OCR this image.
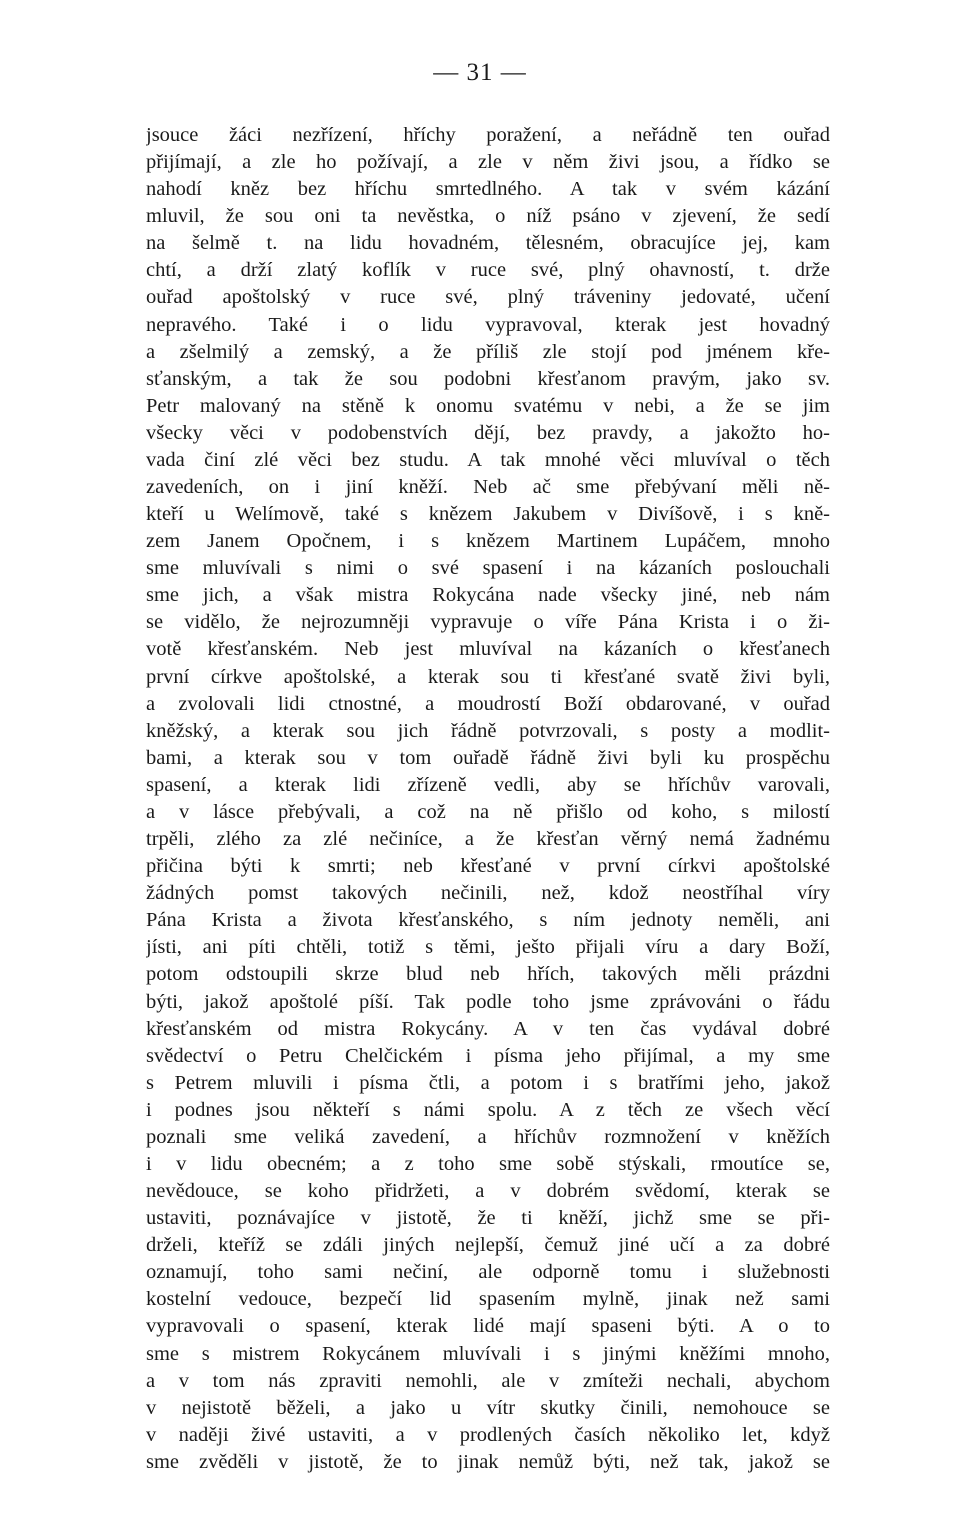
— 31 —
jsouce žáci nezřízení, hříchy poražení, a neřádně ten ouřad
přijímají, a zle ho požívají, a zle v něm živi jsou, a řídko se
nahodí kněz bez hříchu smrtedlného. A tak v svém kázání
mluvil, že sou oni ta nevěstka, o níž psáno v zjevení, že sedí
na šelmě t. na lidu hovadném, tělesném, obracujíce jej, kam
chtí, a drží zlatý koflík v ruce své, plný ohavností, t. drže
ouřad apoštolský v ruce své, plný tráveniny jedovaté, učení
nepravého. Také i o lidu vypravoval, kterak jest hovadný
a zšelmilý a zemský, a že příliš zle stojí pod jménem kře-
sťanským, a tak že sou podobni křesťanom pravým, jako sv.
Petr malovaný na stěně k onomu svatému v nebi, a že se jim
všecky věci v podobenstvích dějí, bez pravdy, a jakožto ho-
vada činí zlé věci bez studu. A tak mnohé věci mluvíval o těch
zavedeních, on i jiní kněží. Neb ač sme přebývaní měli ně-
kteří u Welímově, také s knězem Jakubem v Divíšově, i s kně-
zem Janem Opočnem, i s knězem Martinem Lupáčem, mnoho
sme mluvívali s nimi o své spasení i na kázaních poslouchali
sme jich, a však mistra Rokycána nade všecky jiné, neb nám
se vidělo, že nejrozumněji vypravuje o víře Pána Krista i o ži-
votě křesťanském. Neb jest mluvíval na kázaních o křesťanech
první církve apoštolské, a kterak sou ti křesťané svatě živi byli,
a zvolovali lidi ctnostné, a moudrostí Boží obdarované, v ouřad
kněžský, a kterak sou jich řádně potvrzovali, s posty a modlit-
bami, a kterak sou v tom ouřadě řádně živi byli ku prospěchu
spasení, a kterak lidi zřízeně vedli, aby se hříchův varovali,
a v lásce přebývali, a což na ně přišlo od koho, s milostí
trpěli, zlého za zlé nečiníce, a že křesťan věrný nemá žadnému
přičina býti k smrti; neb křesťané v první církvi apoštolské
žádných pomst takových nečinili, než, kdož neostříhal víry
Pána Krista a života křesťanského, s ním jednoty neměli, ani
jísti, ani píti chtěli, totiž s těmi, ješto přijali víru a dary Boží,
potom odstoupili skrze blud neb hřích, takových měli prázdni
býti, jakož apoštolé píší. Tak podle toho jsme zprávováni o řádu
křesťanském od mistra Rokycány. A v ten čas vydával dobré
svědectví o Petru Chelčickém i písma jeho přijímal, a my sme
s Petrem mluvili i písma čtli, a potom i s bratřími jeho, jakož
i podnes jsou někteří s námi spolu. A z těch ze všech věcí
poznali sme veliká zavedení, a hříchův rozmnožení v kněžích
i v lidu obecném; a z toho sme sobě stýskali, rmoutíce se,
nevědouce, se koho přidržeti, a v dobrém svědomí, kterak se
ustaviti, poznávajíce v jistotě, že ti kněží, jichž sme se při-
drželi, kteříž se zdáli jiných nejlepší, čemuž jiné učí a za dobré
oznamují, toho sami nečiní, ale odporně tomu i služebnosti
kostelní vedouce, bezpečí lid spasením mylně, jinak než sami
vypravovali o spasení, kterak lidé mají spaseni býti. A o to
sme s mistrem Rokycánem mluvívali i s jinými kněžími mnoho,
a v tom nás zpraviti nemohli, ale v zmíteži nechali, abychom
v nejistotě běželi, a jako u vítr skutky činili, nemohouce se
v naději živé ustaviti, a v prodlených časích několiko let, když
sme zvěděli v jistotě, že to jinak nemůž býti, než tak, jakož se
